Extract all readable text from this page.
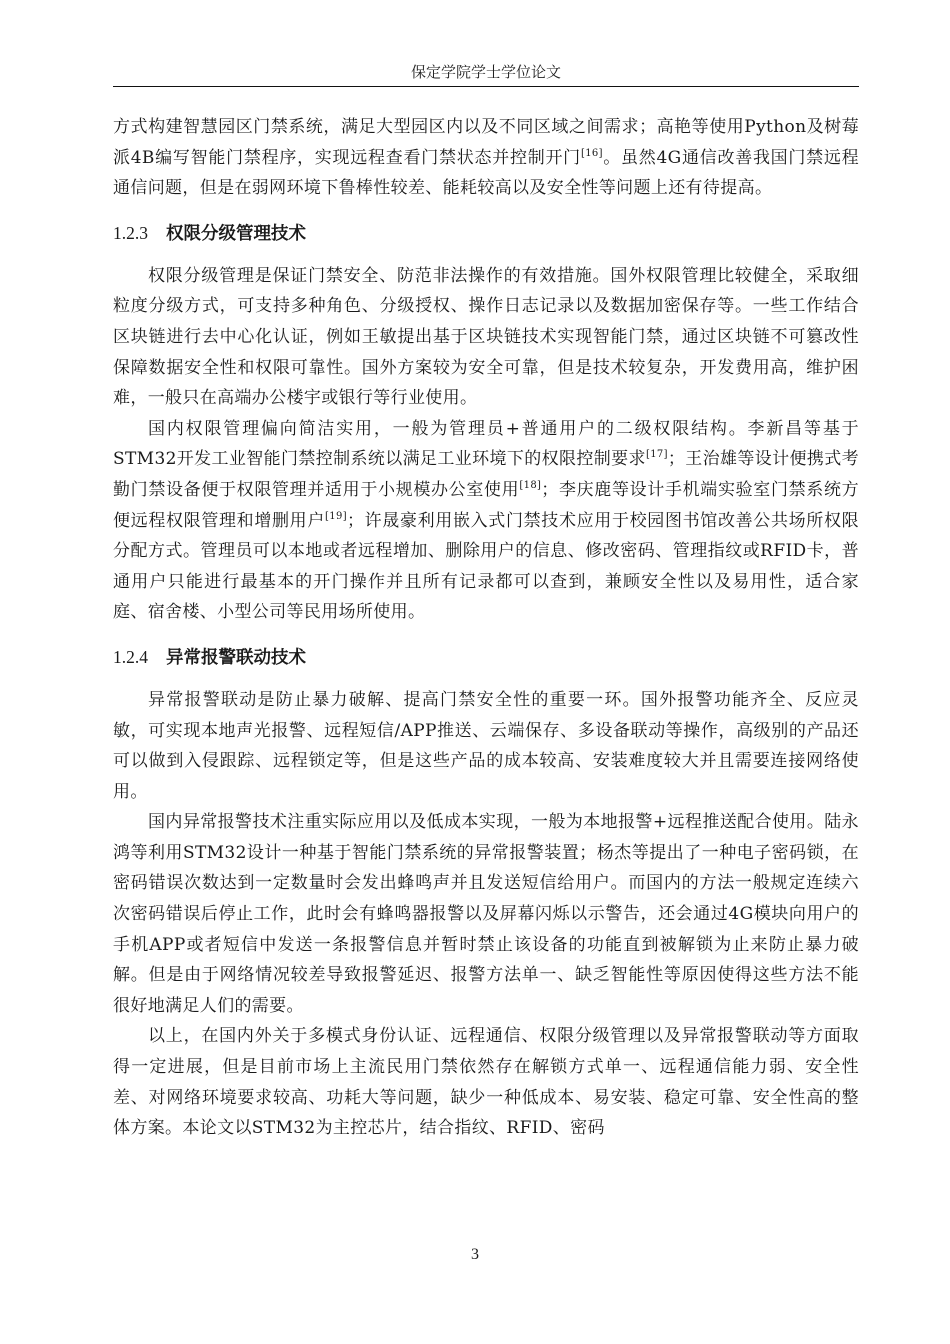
保定学院学士学位论文

方式构建智慧园区门禁系统，满足大型园区内以及不同区域之间需求；高艳等使用Python及树莓派4B编写智能门禁程序，实现远程查看门禁状态并控制开门[16]。虽然4G通信改善我国门禁远程通信问题，但是在弱网环境下鲁棒性较差、能耗较高以及安全性等问题上还有待提高。

1.2.3 权限分级管理技术

权限分级管理是保证门禁安全、防范非法操作的有效措施。国外权限管理比较健全，采取细粒度分级方式，可支持多种角色、分级授权、操作日志记录以及数据加密保存等。一些工作结合区块链进行去中心化认证，例如王敏提出基于区块链技术实现智能门禁，通过区块链不可篡改性保障数据安全性和权限可靠性。国外方案较为安全可靠，但是技术较复杂，开发费用高，维护困难，一般只在高端办公楼宇或银行等行业使用。

国内权限管理偏向简洁实用，一般为管理员+普通用户的二级权限结构。李新昌等基于STM32开发工业智能门禁控制系统以满足工业环境下的权限控制要求[17]；王治雄等设计便携式考勤门禁设备便于权限管理并适用于小规模办公室使用[18]；李庆鹿等设计手机端实验室门禁系统方便远程权限管理和增删用户[19]；许晟豪利用嵌入式门禁技术应用于校园图书馆改善公共场所权限分配方式。管理员可以本地或者远程增加、删除用户的信息、修改密码、管理指纹或RFID卡，普通用户只能进行最基本的开门操作并且所有记录都可以查到，兼顾安全性以及易用性，适合家庭、宿舍楼、小型公司等民用场所使用。

1.2.4 异常报警联动技术

异常报警联动是防止暴力破解、提高门禁安全性的重要一环。国外报警功能齐全、反应灵敏，可实现本地声光报警、远程短信/APP推送、云端保存、多设备联动等操作，高级别的产品还可以做到入侵跟踪、远程锁定等，但是这些产品的成本较高、安装难度较大并且需要连接网络使用。

国内异常报警技术注重实际应用以及低成本实现，一般为本地报警+远程推送配合使用。陆永鸿等利用STM32设计一种基于智能门禁系统的异常报警装置；杨杰等提出了一种电子密码锁，在密码错误次数达到一定数量时会发出蜂鸣声并且发送短信给用户。而国内的方法一般规定连续六次密码错误后停止工作，此时会有蜂鸣器报警以及屏幕闪烁以示警告，还会通过4G模块向用户的手机APP或者短信中发送一条报警信息并暂时禁止该设备的功能直到被解锁为止来防止暴力破解。但是由于网络情况较差导致报警延迟、报警方法单一、缺乏智能性等原因使得这些方法不能很好地满足人们的需要。

以上，在国内外关于多模式身份认证、远程通信、权限分级管理以及异常报警联动等方面取得一定进展，但是目前市场上主流民用门禁依然存在解锁方式单一、远程通信能力弱、安全性差、对网络环境要求较高、功耗大等问题，缺少一种低成本、易安装、稳定可靠、安全性高的整体方案。本论文以STM32为主控芯片，结合指纹、RFID、密码

3
